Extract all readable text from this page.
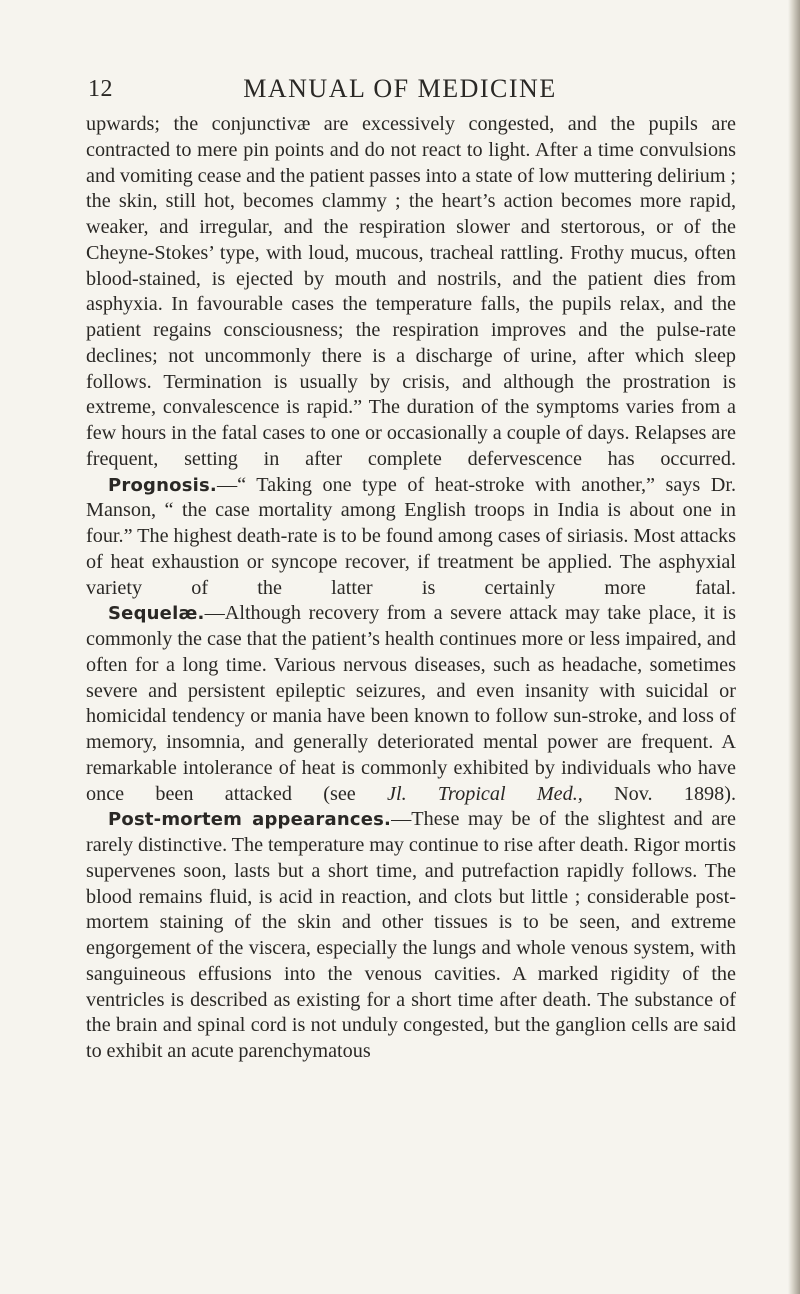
12	MANUAL OF MEDICINE

upwards; the conjunctivæ are excessively congested, and the pupils are contracted to mere pin points and do not react to light. After a time convulsions and vomiting cease and the patient passes into a state of low muttering delirium ; the skin, still hot, becomes clammy ; the heart’s action becomes more rapid, weaker, and irregular, and the respiration slower and stertorous, or of the Cheyne-Stokes’ type, with loud, mucous, tracheal rattling. Frothy mucus, often blood-stained, is ejected by mouth and nostrils, and the patient dies from asphyxia. In favourable cases the temperature falls, the pupils relax, and the patient regains consciousness; the respiration improves and the pulse-rate declines; not uncommonly there is a discharge of urine, after which sleep follows. Termination is usually by crisis, and although the prostration is extreme, convalescence is rapid.” The duration of the symptoms varies from a few hours in the fatal cases to one or occasionally a couple of days. Relapses are frequent, setting in after complete defervescence has occurred.

Prognosis.—“ Taking one type of heat-stroke with another,” says Dr. Manson, “ the case mortality among English troops in India is about one in four.” The highest death-rate is to be found among cases of siriasis. Most attacks of heat exhaustion or syncope recover, if treatment be applied. The asphyxial variety of the latter is certainly more fatal.

Sequelæ.—Although recovery from a severe attack may take place, it is commonly the case that the patient’s health continues more or less impaired, and often for a long time. Various nervous diseases, such as headache, sometimes severe and persistent epileptic seizures, and even insanity with suicidal or homicidal tendency or mania have been known to follow sun-stroke, and loss of memory, insomnia, and generally deteriorated mental power are frequent. A remarkable intolerance of heat is commonly exhibited by individuals who have once been attacked (see Jl. Tropical Med., Nov. 1898).

Post-mortem appearances.—These may be of the slightest and are rarely distinctive. The temperature may continue to rise after death. Rigor mortis supervenes soon, lasts but a short time, and putrefaction rapidly follows. The blood remains fluid, is acid in reaction, and clots but little ; considerable post-mortem staining of the skin and other tissues is to be seen, and extreme engorgement of the viscera, especially the lungs and whole venous system, with sanguineous effusions into the venous cavities. A marked rigidity of the ventricles is described as existing for a short time after death. The substance of the brain and spinal cord is not unduly congested, but the ganglion cells are said to exhibit an acute parenchymatous
